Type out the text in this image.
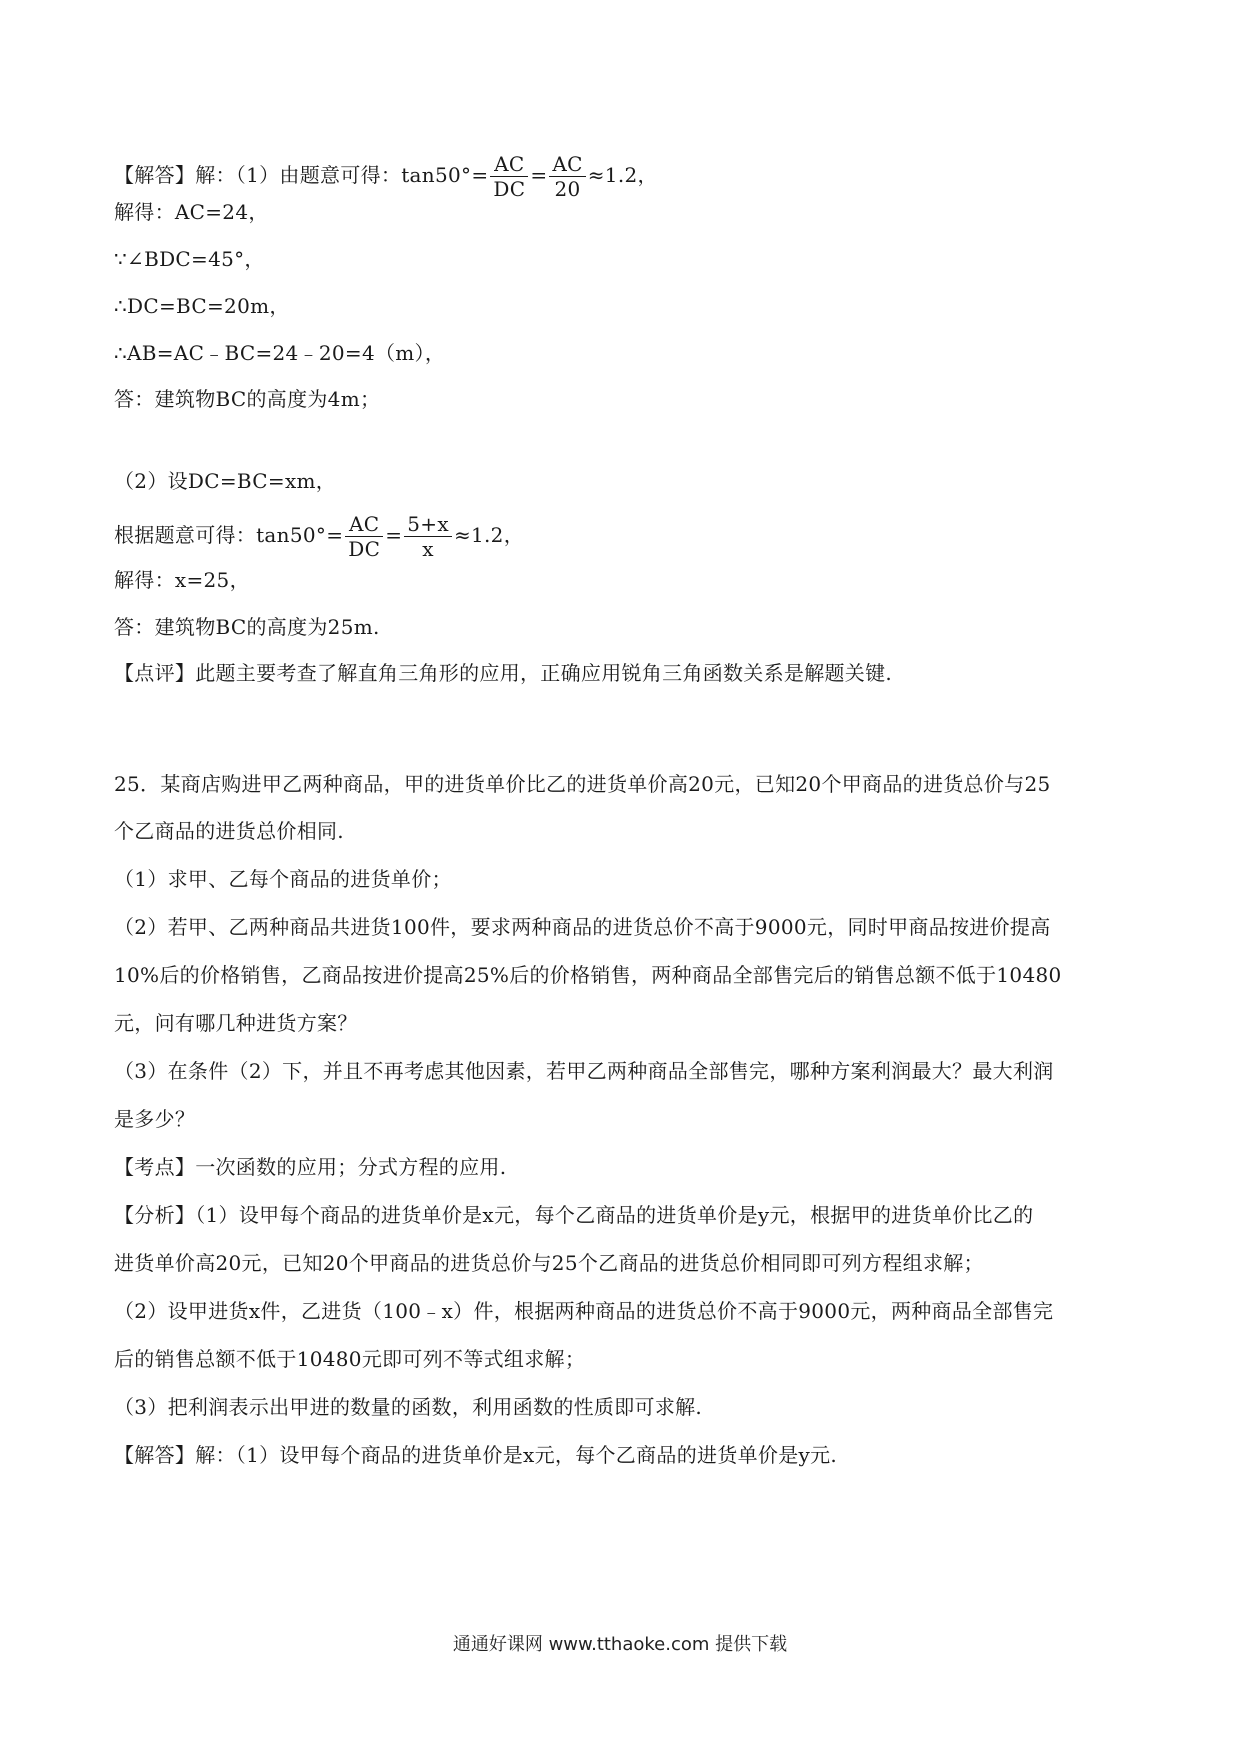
【解答】解：（1）由题意可得：$\tan 50^\circ= \frac{AC}{DC} = \frac{AC}{20} \approx 1.2$，
解得：AC=24，
∵∠BDC=45°，
∴DC=BC=20m，
∴AB=AC﹣BC=24﹣20=4（m），
答：建筑物BC的高度为4m；
（2）设DC=BC=xm，
根据题意可得：$\tan 50^\circ= \frac{AC}{DC} = \frac{5+x}{x} \approx 1.2$，
解得：x=25，
答：建筑物BC的高度为25m.
【点评】此题主要考查了解直角三角形的应用，正确应用锐角三角函数关系是解题关键.
25．某商店购进甲乙两种商品，甲的进货单价比乙的进货单价高20元，已知20个甲商品的进货总价与25
个乙商品的进货总价相同.
（1）求甲、乙每个商品的进货单价；
（2）若甲、乙两种商品共进货100件，要求两种商品的进货总价不高于9000元，同时甲商品按进价提高
10%后的价格销售，乙商品按进价提高25%后的价格销售，两种商品全部售完后的销售总额不低于10480
元，问有哪几种进货方案？
（3）在条件（2）下，并且不再考虑其他因素，若甲乙两种商品全部售完，哪种方案利润最大？最大利润
是多少？
【考点】一次函数的应用；分式方程的应用.
【分析】（1）设甲每个商品的进货单价是x元，每个乙商品的进货单价是y元，根据甲的进货单价比乙的
进货单价高20元，已知20个甲商品的进货总价与25个乙商品的进货总价相同即可列方程组求解；
（2）设甲进货x件，乙进货（100﹣x）件，根据两种商品的进货总价不高于9000元，两种商品全部售完
后的销售总额不低于10480元即可列不等式组求解；
（3）把利润表示出甲进的数量的函数，利用函数的性质即可求解.
【解答】解：（1）设甲每个商品的进货单价是x元，每个乙商品的进货单价是y元.
通通好课网 www.tthaoke.com 提供下载
